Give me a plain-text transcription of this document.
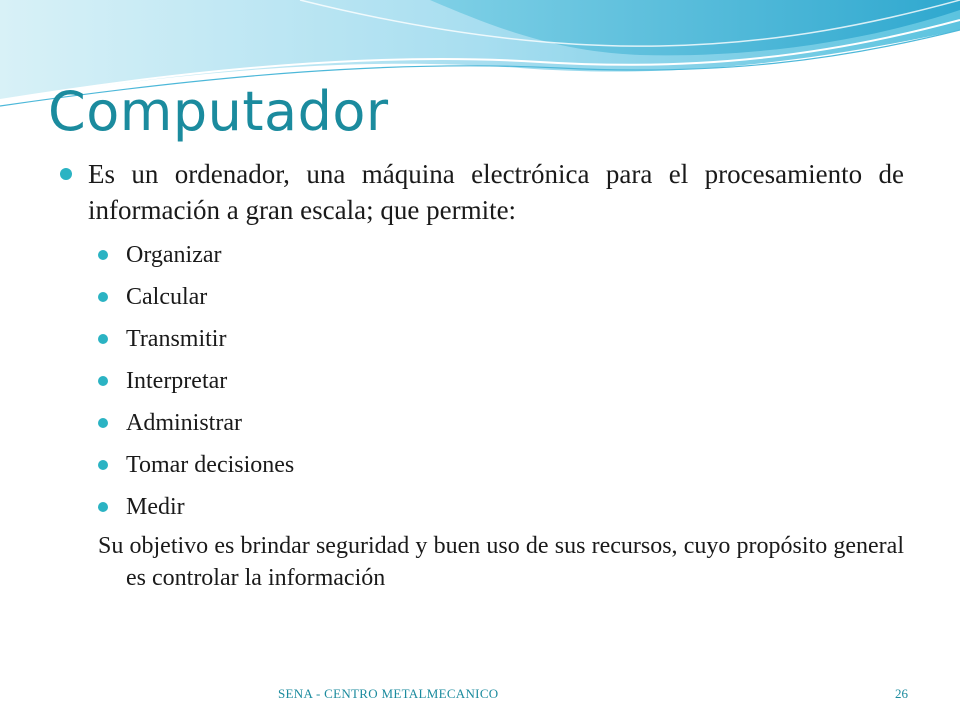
Computador

Es un ordenador, una máquina electrónica para el procesamiento de información a gran escala; que permite:

Organizar
Calcular
Transmitir
Interpretar
Administrar
Tomar decisiones
Medir

Su objetivo es brindar seguridad y buen uso de sus recursos, cuyo propósito general es controlar la información

SENA - CENTRO METALMECANICO	26
